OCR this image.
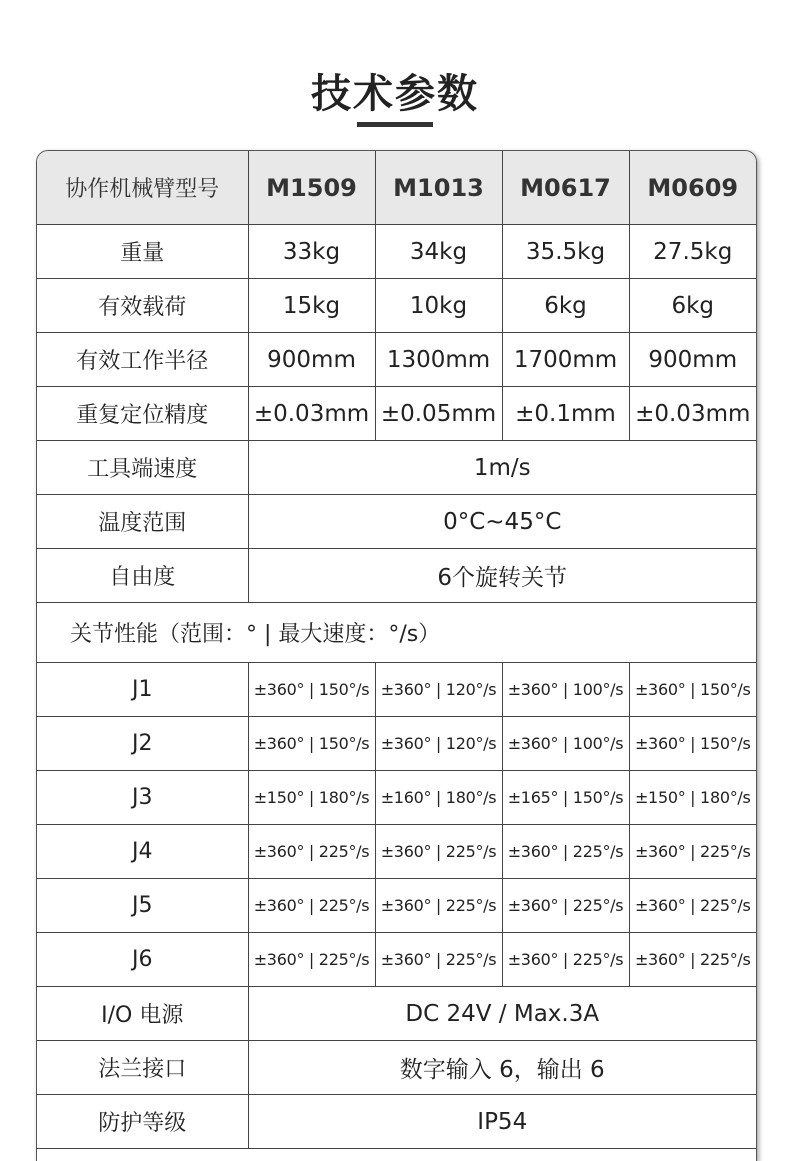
技术参数
协作机械臂型号	M1509	M1013	M0617	M0609
重量	33kg	34kg	35.5kg	27.5kg
有效载荷	15kg	10kg	6kg	6kg
有效工作半径	900mm	1300mm	1700mm	900mm
重复定位精度	±0.03mm	±0.05mm	±0.1mm	±0.03mm
工具端速度	1m/s			
温度范围	0°C~45°C			
自由度	6个旋转关节			
关节性能（范围：° | 最大速度：°/s）				
J1	±360° | 150°/s	±360° | 120°/s	±360° | 100°/s	±360° | 150°/s
J2	±360° | 150°/s	±360° | 120°/s	±360° | 100°/s	±360° | 150°/s
J3	±150° | 180°/s	±160° | 180°/s	±165° | 150°/s	±150° | 180°/s
J4	±360° | 225°/s	±360° | 225°/s	±360° | 225°/s	±360° | 225°/s
J5	±360° | 225°/s	±360° | 225°/s	±360° | 225°/s	±360° | 225°/s
J6	±360° | 225°/s	±360° | 225°/s	±360° | 225°/s	±360° | 225°/s
I/O 电源	DC 24V / Max.3A			
法兰接口	数字输入 6，输出 6			
防护等级	IP54			
